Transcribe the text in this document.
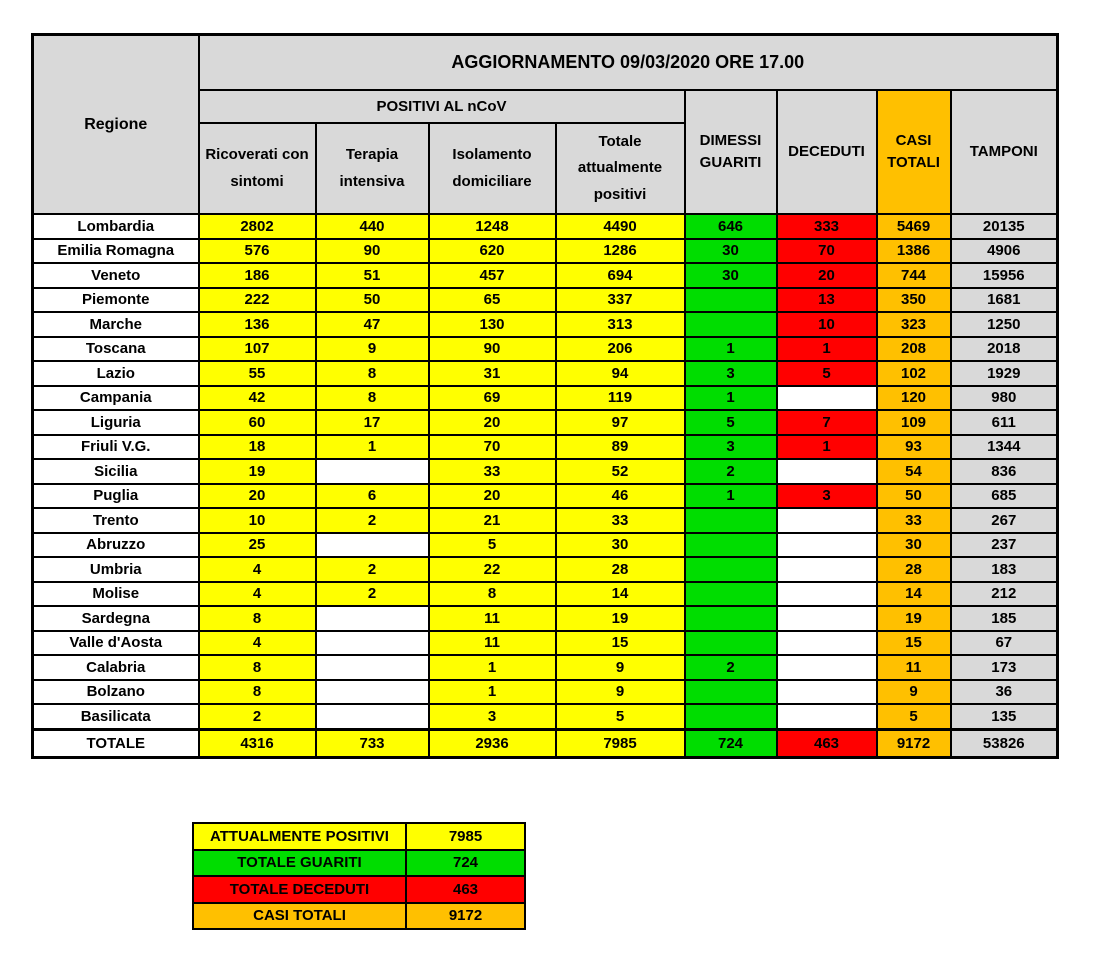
Regione	AGGIORNAMENTO 09/03/2020 ORE 17.00							
	POSITIVI AL nCoV				DIMESSI GUARITI	DECEDUTI	CASI TOTALI	TAMPONI
	Ricoverati con sintomi	Terapia intensiva	Isolamento domiciliare	Totale attualmente positivi				
Lombardia	2802	440	1248	4490	646	333	5469	20135
Emilia Romagna	576	90	620	1286	30	70	1386	4906
Veneto	186	51	457	694	30	20	744	15956
Piemonte	222	50	65	337		13	350	1681
Marche	136	47	130	313		10	323	1250
Toscana	107	9	90	206	1	1	208	2018
Lazio	55	8	31	94	3	5	102	1929
Campania	42	8	69	119	1		120	980
Liguria	60	17	20	97	5	7	109	611
Friuli V.G.	18	1	70	89	3	1	93	1344
Sicilia	19		33	52	2		54	836
Puglia	20	6	20	46	1	3	50	685
Trento	10	2	21	33			33	267
Abruzzo	25		5	30			30	237
Umbria	4	2	22	28			28	183
Molise	4	2	8	14			14	212
Sardegna	8		11	19			19	185
Valle d'Aosta	4		11	15			15	67
Calabria	8		1	9	2		11	173
Bolzano	8		1	9			9	36
Basilicata	2		3	5			5	135
TOTALE	4316	733	2936	7985	724	463	9172	53826
ATTUALMENTE POSITIVI	7985
TOTALE GUARITI	724
TOTALE DECEDUTI	463
CASI TOTALI	9172
